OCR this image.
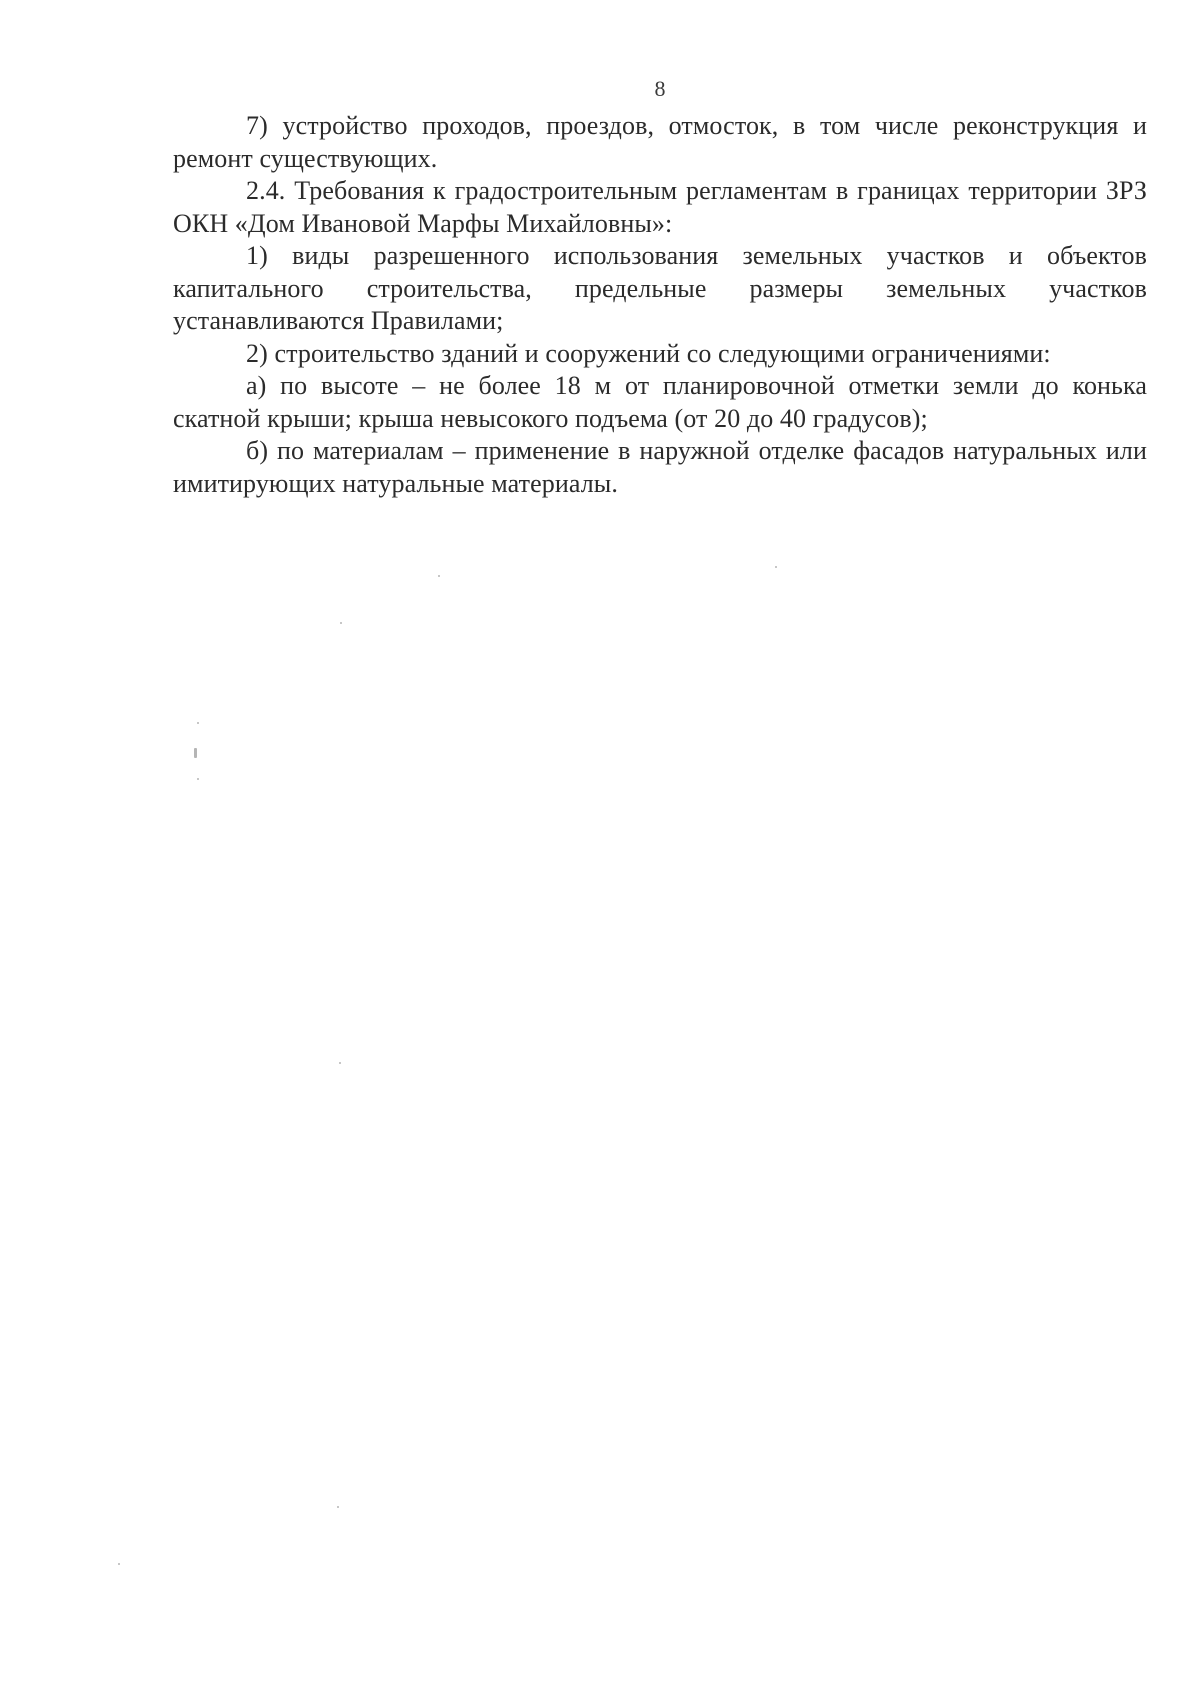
8

7) устройство проходов, проездов, отмосток, в том числе реконструкция и ремонт существующих.

2.4. Требования к градостроительным регламентам в границах территории ЗРЗ ОКН «Дом Ивановой Марфы Михайловны»:

1) виды разрешенного использования земельных участков и объектов капитального строительства, предельные размеры земельных участков устанавливаются Правилами;

2) строительство зданий и сооружений со следующими ограничениями:

а) по высоте – не более 18 м от планировочной отметки земли до конька скатной крыши; крыша невысокого подъема (от 20 до 40 градусов);

б) по материалам – применение в наружной отделке фасадов натуральных или имитирующих натуральные материалы.
